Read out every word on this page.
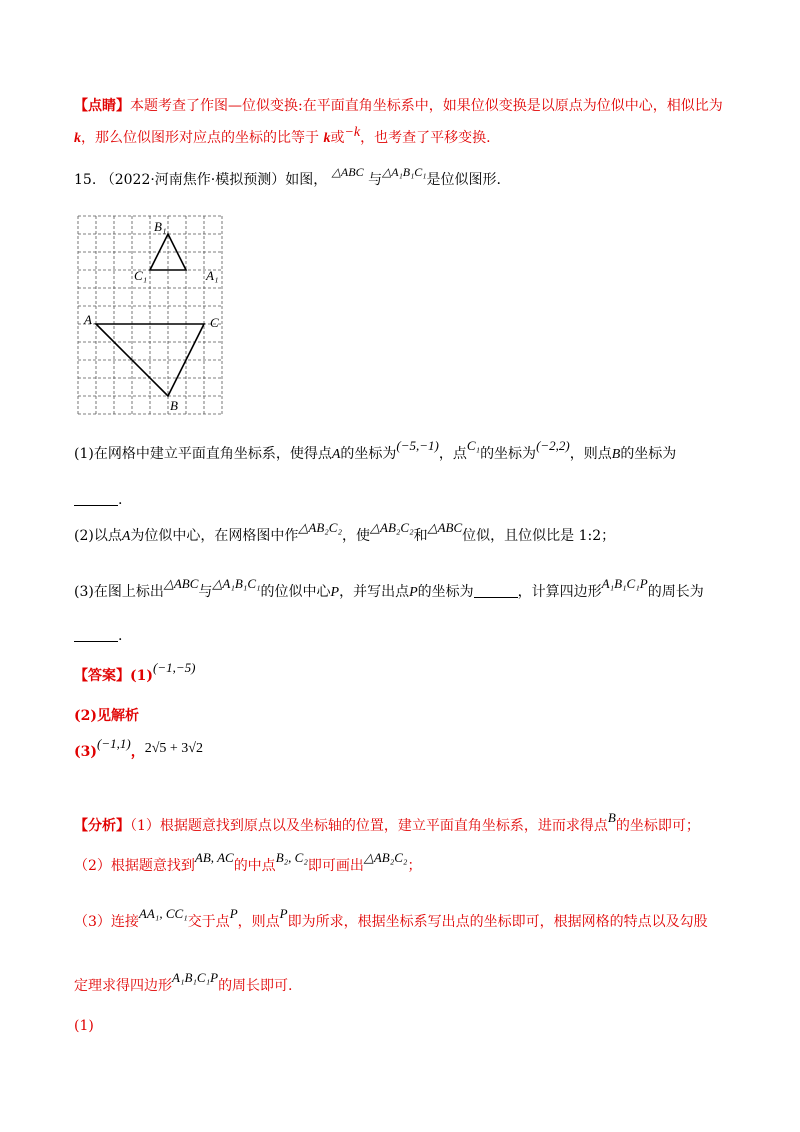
【点睛】本题考查了作图—位似变换:在平面直角坐标系中，如果位似变换是以原点为位似中心，相似比为
k，那么位似图形对应点的坐标的比等于 k或−k，也考查了平移变换.
15. （2022·河南焦作·模拟预测）如图， △ABC 与△A₁B₁C₁是位似图形.
B₁
C₁	A₁
A	C
B
(1)在网格中建立平面直角坐标系，使得点A的坐标为(−5,−1)，点C₁的坐标为(−2,2)，则点B的坐标为
.
(2)以点A为位似中心，在网格图中作△AB₂C₂，使△AB₂C₂和△ABC位似，且位似比是 1:2；
(3)在图上标出△ABC与△A₁B₁C₁的位似中心P，并写出点P的坐标为	，计算四边形A₁B₁C₁P的周长为
.
【答案】(1)(−1,−5)
(2)见解析
(3)(−1,1)，2√5 + 3√2
【分析】（1）根据题意找到原点以及坐标轴的位置，建立平面直角坐标系，进而求得点B的坐标即可；
（2）根据题意找到AB, AC的中点B₂, C₂即可画出△AB₂C₂；
（3）连接AA₁, CC₁交于点P，则点P即为所求，根据坐标系写出点的坐标即可，根据网格的特点以及勾股
定理求得四边形A₁B₁C₁P的周长即可.
(1)
